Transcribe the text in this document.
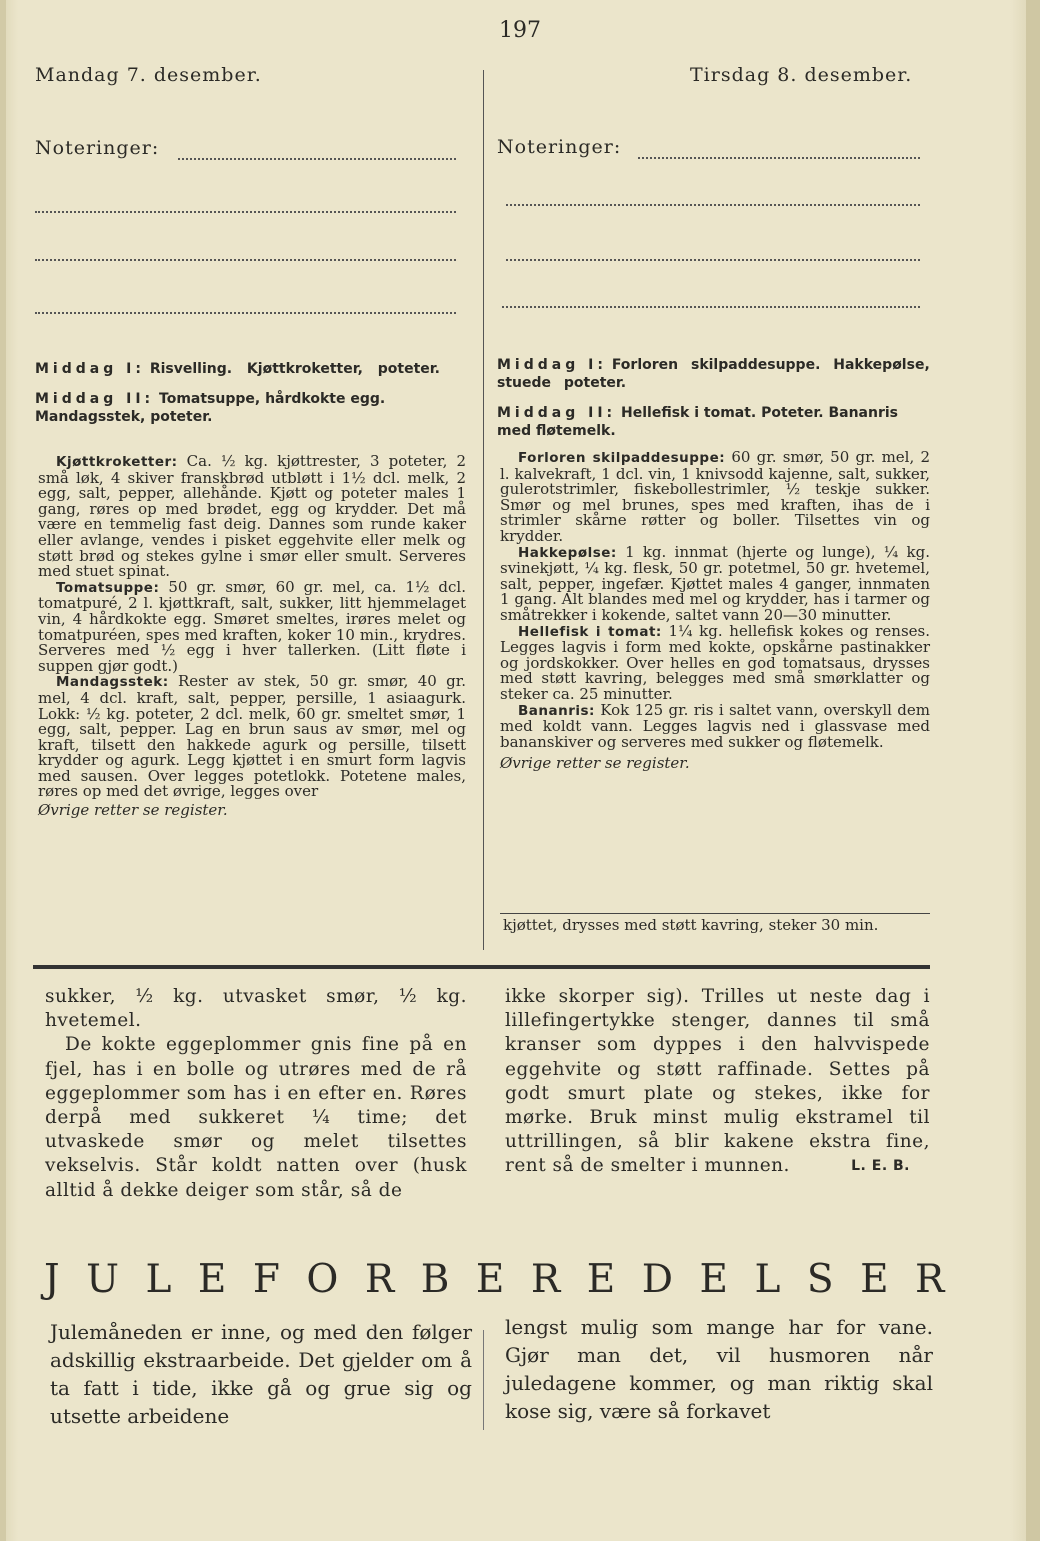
197
Mandag 7. desember.	Tirsdag 8. desember.
Noteringer:	Noteringer:
Middag I: Risvelling. Kjøttkroketter, poteter.
Middag II: Tomatsuppe, hårdkokte egg. Mandagsstek, poteter.
Middag I: Forloren skilpaddesuppe. Hakkepølse, stuede poteter.
Middag II: Hellefisk i tomat. Poteter. Bananris med fløtemelk.
Kjøttkroketter: Ca. ½ kg. kjøttrester, 3 poteter, 2 små løk, 4 skiver franskbrød utbløtt i 1½ dcl. melk, 2 egg, salt, pepper, allehånde. Kjøtt og poteter males 1 gang, røres op med brødet, egg og krydder. Det må være en temmelig fast deig. Dannes som runde kaker eller avlange, vendes i pisket eggehvite eller melk og støtt brød og stekes gylne i smør eller smult. Serveres med stuet spinat.
Tomatsuppe: 50 gr. smør, 60 gr. mel, ca. 1½ dcl. tomatpuré, 2 l. kjøttkraft, salt, sukker, litt hjemmelaget vin, 4 hårdkokte egg. Smøret smeltes, irøres melet og tomatpuréen, spes med kraften, koker 10 min., krydres. Serveres med ½ egg i hver tallerken. (Litt fløte i suppen gjør godt.)
Mandagsstek: Rester av stek, 50 gr. smør, 40 gr. mel, 4 dcl. kraft, salt, pepper, persille, 1 asiaagurk. Lokk: ½ kg. poteter, 2 dcl. melk, 60 gr. smeltet smør, 1 egg, salt, pepper. Lag en brun saus av smør, mel og kraft, tilsett den hakkede agurk og persille, tilsett krydder og agurk. Legg kjøttet i en smurt form lagvis med sausen. Over legges potetlokk. Potetene males, røres op med det øvrige, legges over
Øvrige retter se register.
Forloren skilpaddesuppe: 60 gr. smør, 50 gr. mel, 2 l. kalvekraft, 1 dcl. vin, 1 knivsodd kajenne, salt, sukker, gulerotstrimler, fiskebollestrimler, ½ teskje sukker. Smør og mel brunes, spes med kraften, ihas de i strimler skårne røtter og boller. Tilsettes vin og krydder.
Hakkepølse: 1 kg. innmat (hjerte og lunge), ¼ kg. svinekjøtt, ¼ kg. flesk, 50 gr. potetmel, 50 gr. hvetemel, salt, pepper, ingefær. Kjøttet males 4 ganger, innmaten 1 gang. Alt blandes med mel og krydder, has i tarmer og småtrekker i kokende, saltet vann 20—30 minutter.
Hellefisk i tomat: 1¼ kg. hellefisk kokes og renses. Legges lagvis i form med kokte, opskårne pastinakker og jordskokker. Over helles en god tomatsaus, drysses med støtt kavring, belegges med små smørklatter og steker ca. 25 minutter.
Bananris: Kok 125 gr. ris i saltet vann, overskyll dem med koldt vann. Legges lagvis ned i glassvase med bananskiver og serveres med sukker og fløtemelk.
Øvrige retter se register.
kjøttet, drysses med støtt kavring, steker 30 min.
sukker, ½ kg. utvasket smør, ½ kg. hvetemel.
De kokte eggeplommer gnis fine på en fjel, has i en bolle og utrøres med de rå eggeplommer som has i en efter en. Røres derpå med sukkeret ¼ time; det utvaskede smør og melet tilsettes vekselvis. Står koldt natten over (husk alltid å dekke deiger som står, så de
ikke skorper sig). Trilles ut neste dag i lillefingertykke stenger, dannes til små kranser som dyppes i den halvvispede eggehvite og støtt raffinade. Settes på godt smurt plate og stekes, ikke for mørke. Bruk minst mulig ekstramel til uttrillingen, så blir kakene ekstra fine, rent så de smelter i munnen.	L. E. B.
JULEFORBEREDELSER
Julemåneden er inne, og med den følger adskillig ekstraarbeide. Det gjelder om å ta fatt i tide, ikke gå og grue sig og utsette arbeidene
lengst mulig som mange har for vane. Gjør man det, vil husmoren når juledagene kommer, og man riktig skal kose sig, være så forkavet
